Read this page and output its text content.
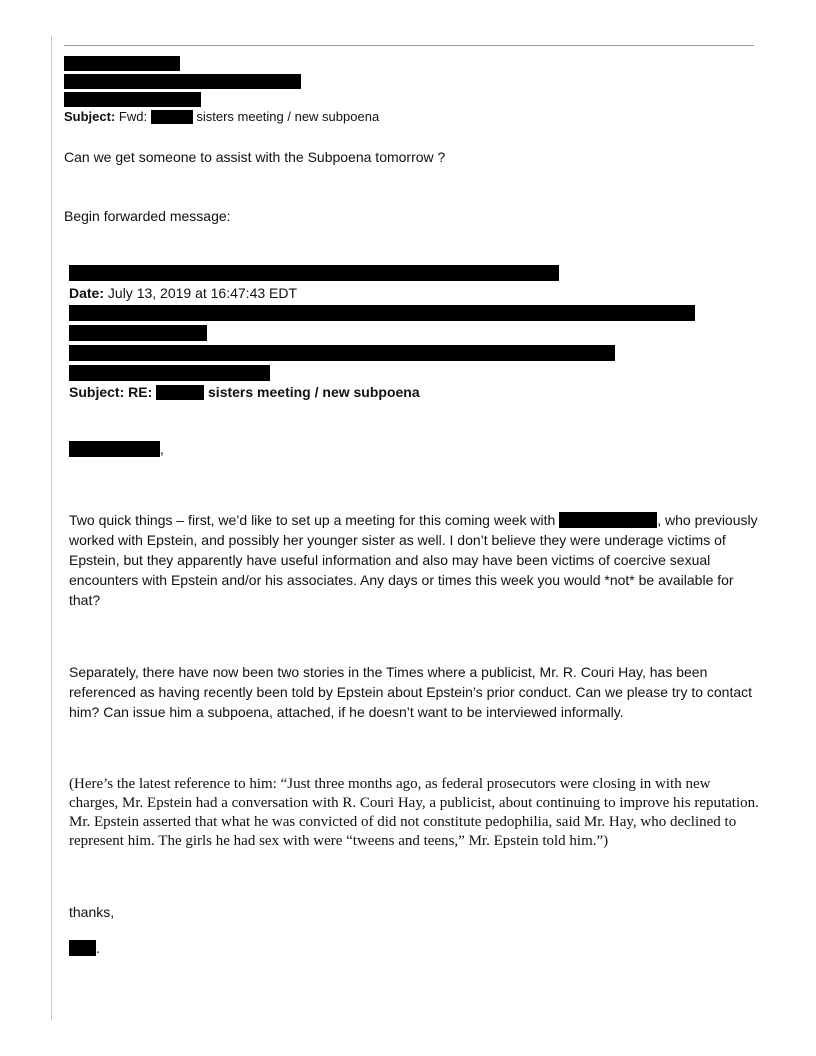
Subject: Fwd:	sisters meeting / new subpoena
Can we get someone to assist with the Subpoena tomorrow ?
Begin forwarded message:
Date: July 13, 2019 at 16:47:43 EDT
Subject: RE:	sisters meeting / new subpoena
,
Two quick things – first, we’d like to set up a meeting for this coming week with	, who previously worked with Epstein, and possibly her younger sister as well. I don’t believe they were underage victims of Epstein, but they apparently have useful information and also may have been victims of coercive sexual encounters with Epstein and/or his associates. Any days or times this week you would *not* be available for that?
Separately, there have now been two stories in the Times where a publicist, Mr. R. Couri Hay, has been referenced as having recently been told by Epstein about Epstein’s prior conduct. Can we please try to contact him? Can issue him a subpoena, attached, if he doesn’t want to be interviewed informally.
(Here’s the latest reference to him: “Just three months ago, as federal prosecutors were closing in with new charges, Mr. Epstein had a conversation with R. Couri Hay, a publicist, about continuing to improve his reputation. Mr. Epstein asserted that what he was convicted of did not constitute pedophilia, said Mr. Hay, who declined to represent him. The girls he had sex with were “tweens and teens,” Mr. Epstein told him.”)
thanks,
.
